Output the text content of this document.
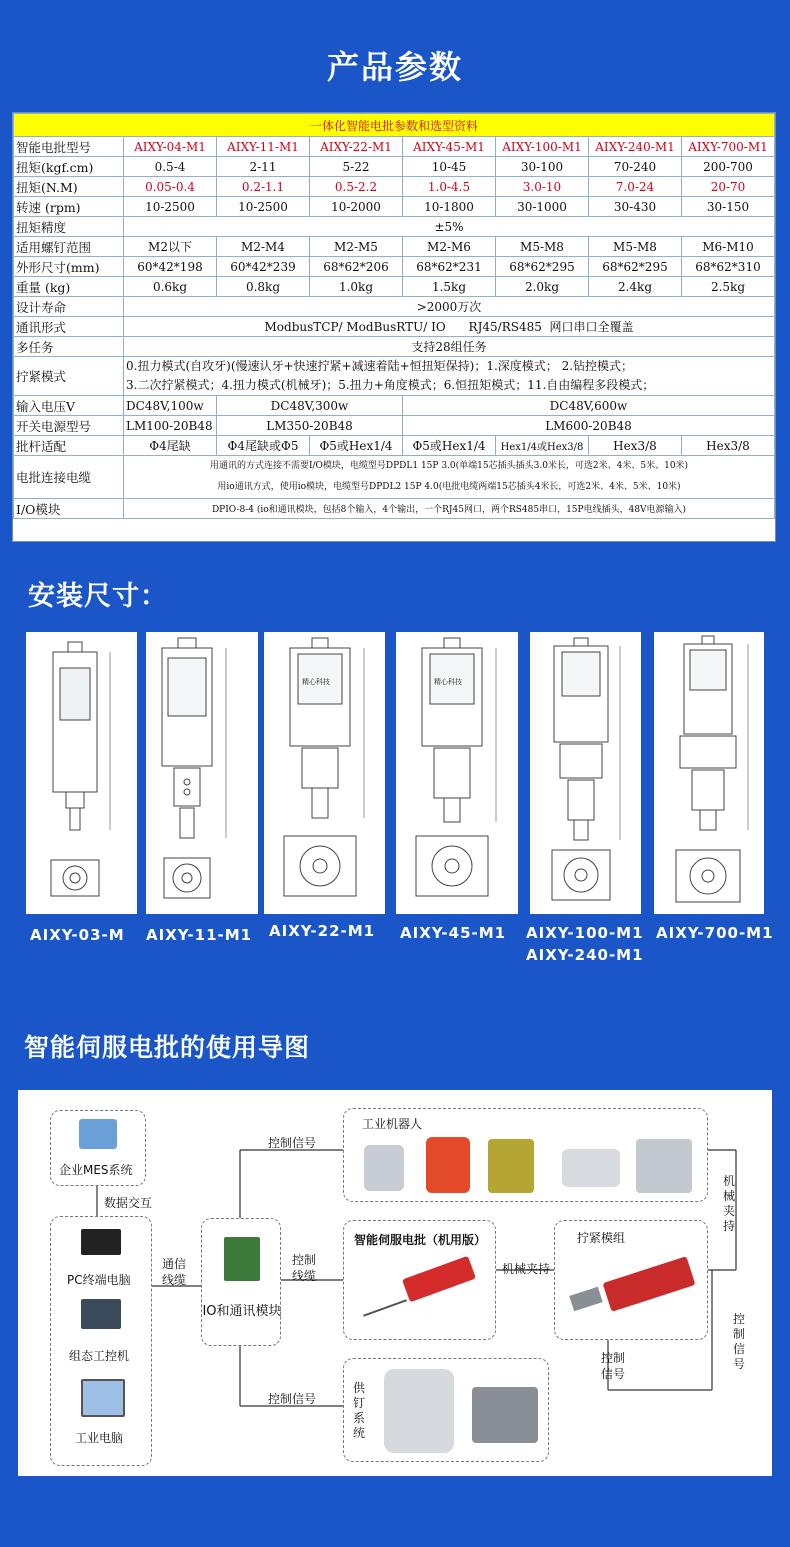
产品参数
一体化智能电批参数和选型资料							
智能电批型号	AIXY-04-M1	AIXY-11-M1	AIXY-22-M1	AIXY-45-M1	AIXY-100-M1	AIXY-240-M1	AIXY-700-M1
扭矩(kgf.cm)	0.5-4	2-11	5-22	10-45	30-100	70-240	200-700
扭矩(N.M)	0.05-0.4	0.2-1.1	0.5-2.2	1.0-4.5	3.0-10	7.0-24	20-70
转速 (rpm)	10-2500	10-2500	10-2000	10-1800	30-1000	30-430	30-150
扭矩精度	±5%						
适用螺钉范围	M2以下	M2-M4	M2-M5	M2-M6	M5-M8	M5-M8	M6-M10
外形尺寸(mm)	60*42*198	60*42*239	68*62*206	68*62*231	68*62*295	68*62*295	68*62*310
重量 (kg)	0.6kg	0.8kg	1.0kg	1.5kg	2.0kg	2.4kg	2.5kg
设计寿命	>2000万次						
通讯形式	ModbusTCP/ ModBusRTU/ IO      RJ45/RS485  网口串口全覆盖						
多任务	支持28组任务						
拧紧模式	0.扭力模式(自攻牙)(慢速认牙+快速拧紧+减速着陆+恒扭矩保持)；1.深度模式； 2.钻控模式；
3.二次拧紧模式；4.扭力模式(机械牙)；5.扭力+角度模式；6.恒扭矩模式；11.自由编程多段模式；						

输入电压V	DC48V,100w	DC48V,300w		DC48V,600w			
开关电源型号	LM100-20B48	LM350-20B48		LM600-20B48			
批杆适配	Φ4尾缺	Φ4尾缺或Φ5	Φ5或Hex1/4	Φ5或Hex1/4	Hex1/4或Hex3/8	Hex3/8	Hex3/8
电批连接电缆	用通讯的方式连接不需要I/O模块，电缆型号DPDL1 15P 3.0(单端15芯插头插头3.0米长，可选2米、4米、5米、10米)
用io通讯方式，使用io模块，电缆型号DPDL2 15P 4.0(电批电缆两端15芯插头4米长，可选2米、4米、5米、10米)						

I/O模块	DPIO-8-4 (io和通讯模块，包括8个输入，4个输出，一个RJ45网口，两个RS485串口，15P电线插头，48V电源输入)						
安装尺寸：
精心科技	精心科技
AIXY-03-M AIXY-11-M1 AIXY-22-M1 AIXY-45-M1 AIXY-100-M1
AIXY-240-M1
AIXY-700-M1
智能伺服电批的使用导图
企业MES系统
数据交互
PC终端电脑
组态工控机
工业电脑
通信线缆
IO和通讯模块
控制信号
控制线缆
控制信号
工业机器人
智能伺服电批（机用版）
机械夹持
拧紧模组
机械夹持
控制信号
控制信号
供钉系统
